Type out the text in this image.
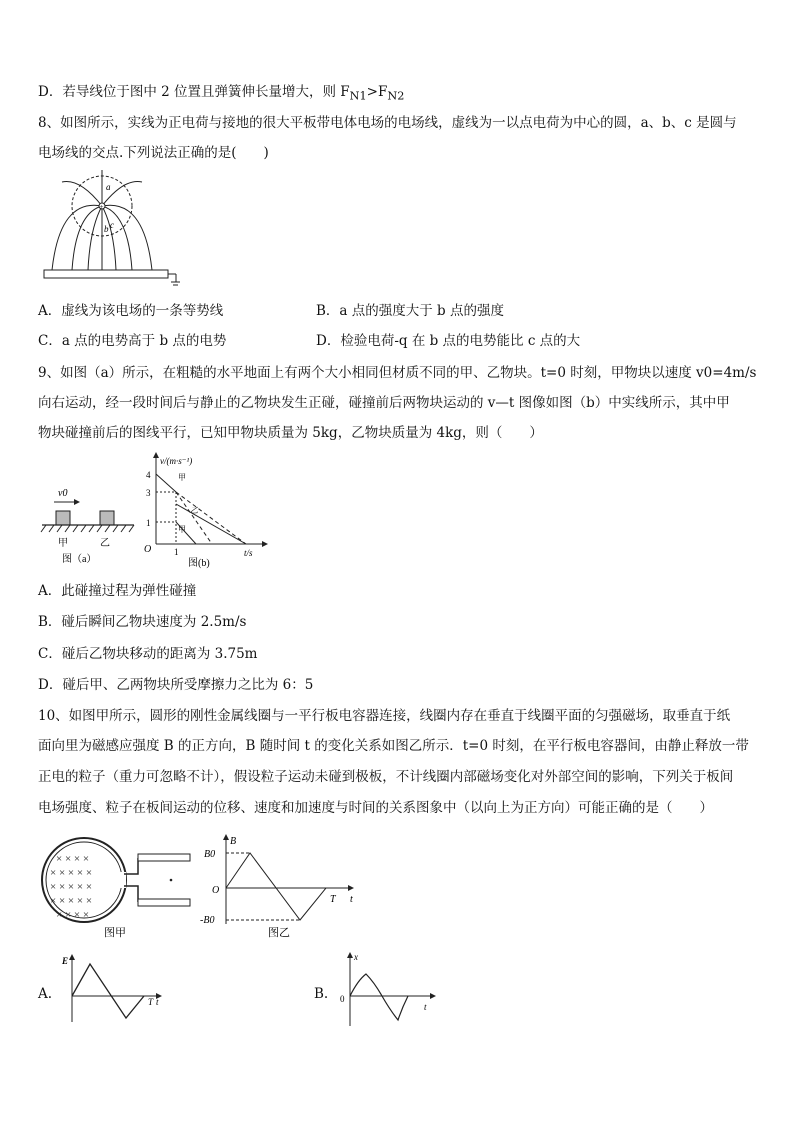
D．若导线位于图中 2 位置且弹簧伸长量增大，则 $F_{N1}>F_{N2}$
8、如图所示，实线为正电荷与接地的很大平板带电体电场的电场线，虚线为一以点电荷为中心的圆，a、b、c 是圆与
电场线的交点.下列说法正确的是(　　)
+
a
b c
A．虚线为该电场的一条等势线	B．a 点的强度大于 b 点的强度
C．a 点的电势高于 b 点的电势	D．检验电荷-q 在 b 点的电势能比 c 点的大
9、如图（a）所示，在粗糙的水平地面上有两个大小相同但材质不同的甲、乙物块。t=0 时刻，甲物块以速度 v0=4m/s
向右运动，经一段时间后与静止的乙物块发生正碰，碰撞前后两物块运动的 v—t 图像如图（b）中实线所示，其中甲
物块碰撞前后的图线平行，已知甲物块质量为 5kg，乙物块质量为 4kg，则（　　）
v0
甲	乙
图（a）
v/(m·s⁻¹)
t/s
O
4
3
1
1
甲
乙
甲
图(b)
A．此碰撞过程为弹性碰撞
B．碰后瞬间乙物块速度为 2.5m/s
C．碰后乙物块移动的距离为 3.75m
D．碰后甲、乙两物块所受摩擦力之比为 6：5
10、如图甲所示，圆形的刚性金属线圈与一平行板电容器连接，线圈内存在垂直于线圈平面的匀强磁场，取垂直于纸
面向里为磁感应强度 B 的正方向，B 随时间 t 的变化关系如图乙所示．t=0 时刻，在平行板电容器间，由静止释放一带
正电的粒子（重力可忽略不计），假设粒子运动未碰到极板，不计线圈内部磁场变化对外部空间的影响，下列关于板间
电场强度、粒子在板间运动的位移、速度和加速度与时间的关系图象中（以向上为正方向）可能正确的是（　　）
× × × ×
× × × × ×
× × × × ×
× × × × ×
× × × ×
图甲
B
B0
-B0
O
T t
图乙
A.
E
T t	B.
x
0
t
